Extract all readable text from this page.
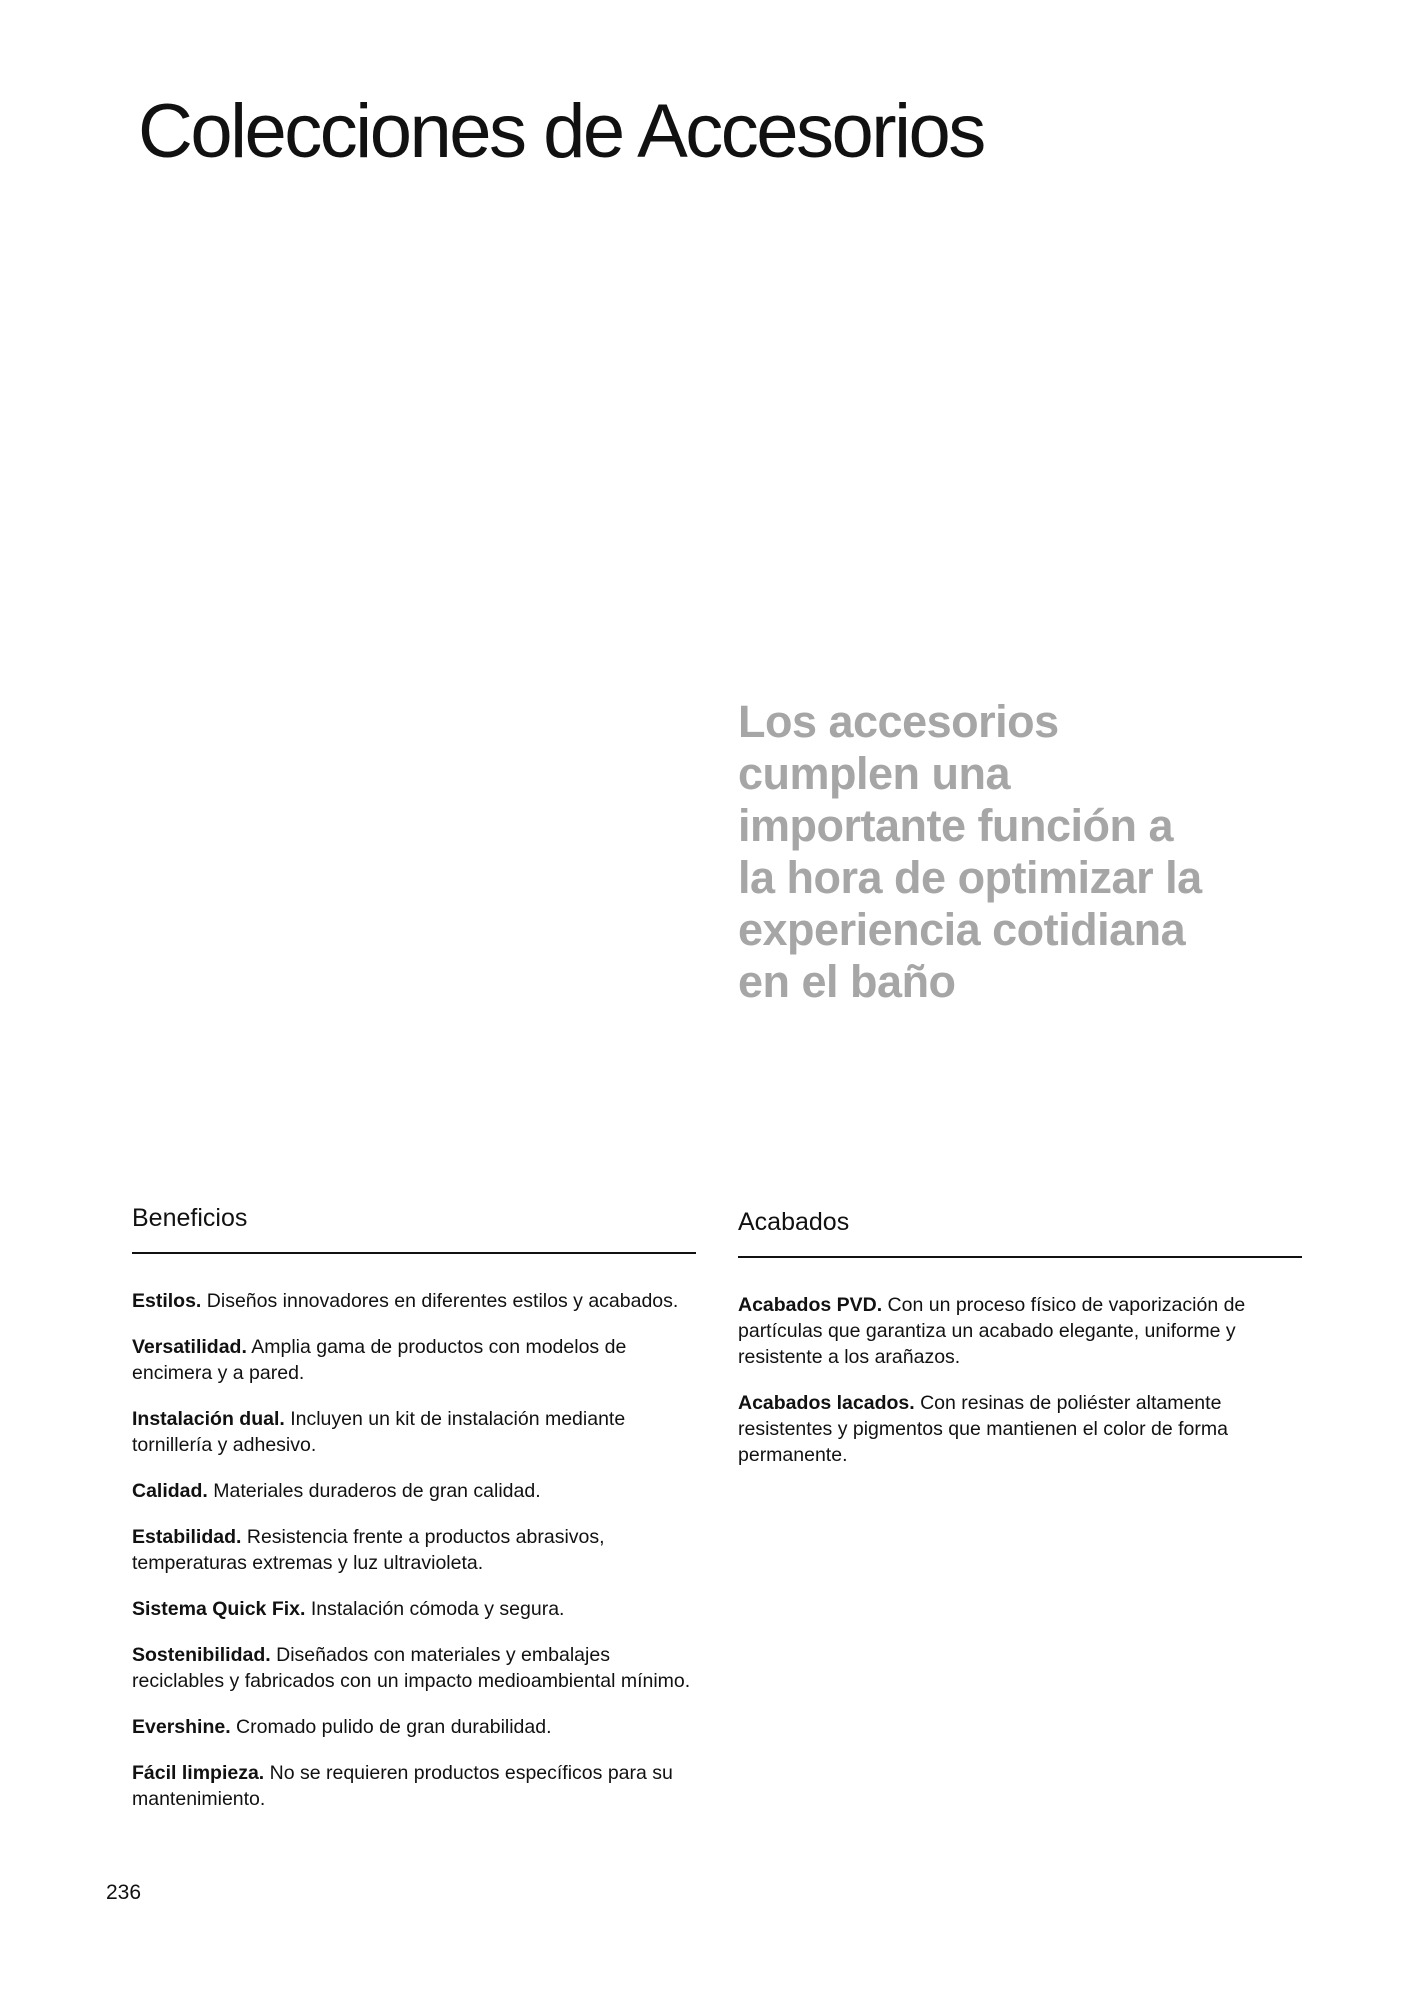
Colecciones de Accesorios
Los accesorios
cumplen una
importante función a
la hora de optimizar la
experiencia cotidiana
en el baño
Beneficios

Estilos. Diseños innovadores en diferentes estilos y acabados.

Versatilidad. Amplia gama de productos con modelos de encimera y a pared.

Instalación dual. Incluyen un kit de instalación mediante tornillería y adhesivo.

Calidad. Materiales duraderos de gran calidad.

Estabilidad. Resistencia frente a productos abrasivos, temperaturas extremas y luz ultravioleta.

Sistema Quick Fix. Instalación cómoda y segura.

Sostenibilidad. Diseñados con materiales y embalajes reciclables y fabricados con un impacto medioambiental mínimo.

Evershine. Cromado pulido de gran durabilidad.

Fácil limpieza. No se requieren productos específicos para su mantenimiento.

Acabados

Acabados PVD. Con un proceso físico de vaporización de partículas que garantiza un acabado elegante, uniforme y resistente a los arañazos.

Acabados lacados. Con resinas de poliéster altamente resistentes y pigmentos que mantienen el color de forma permanente.

236
